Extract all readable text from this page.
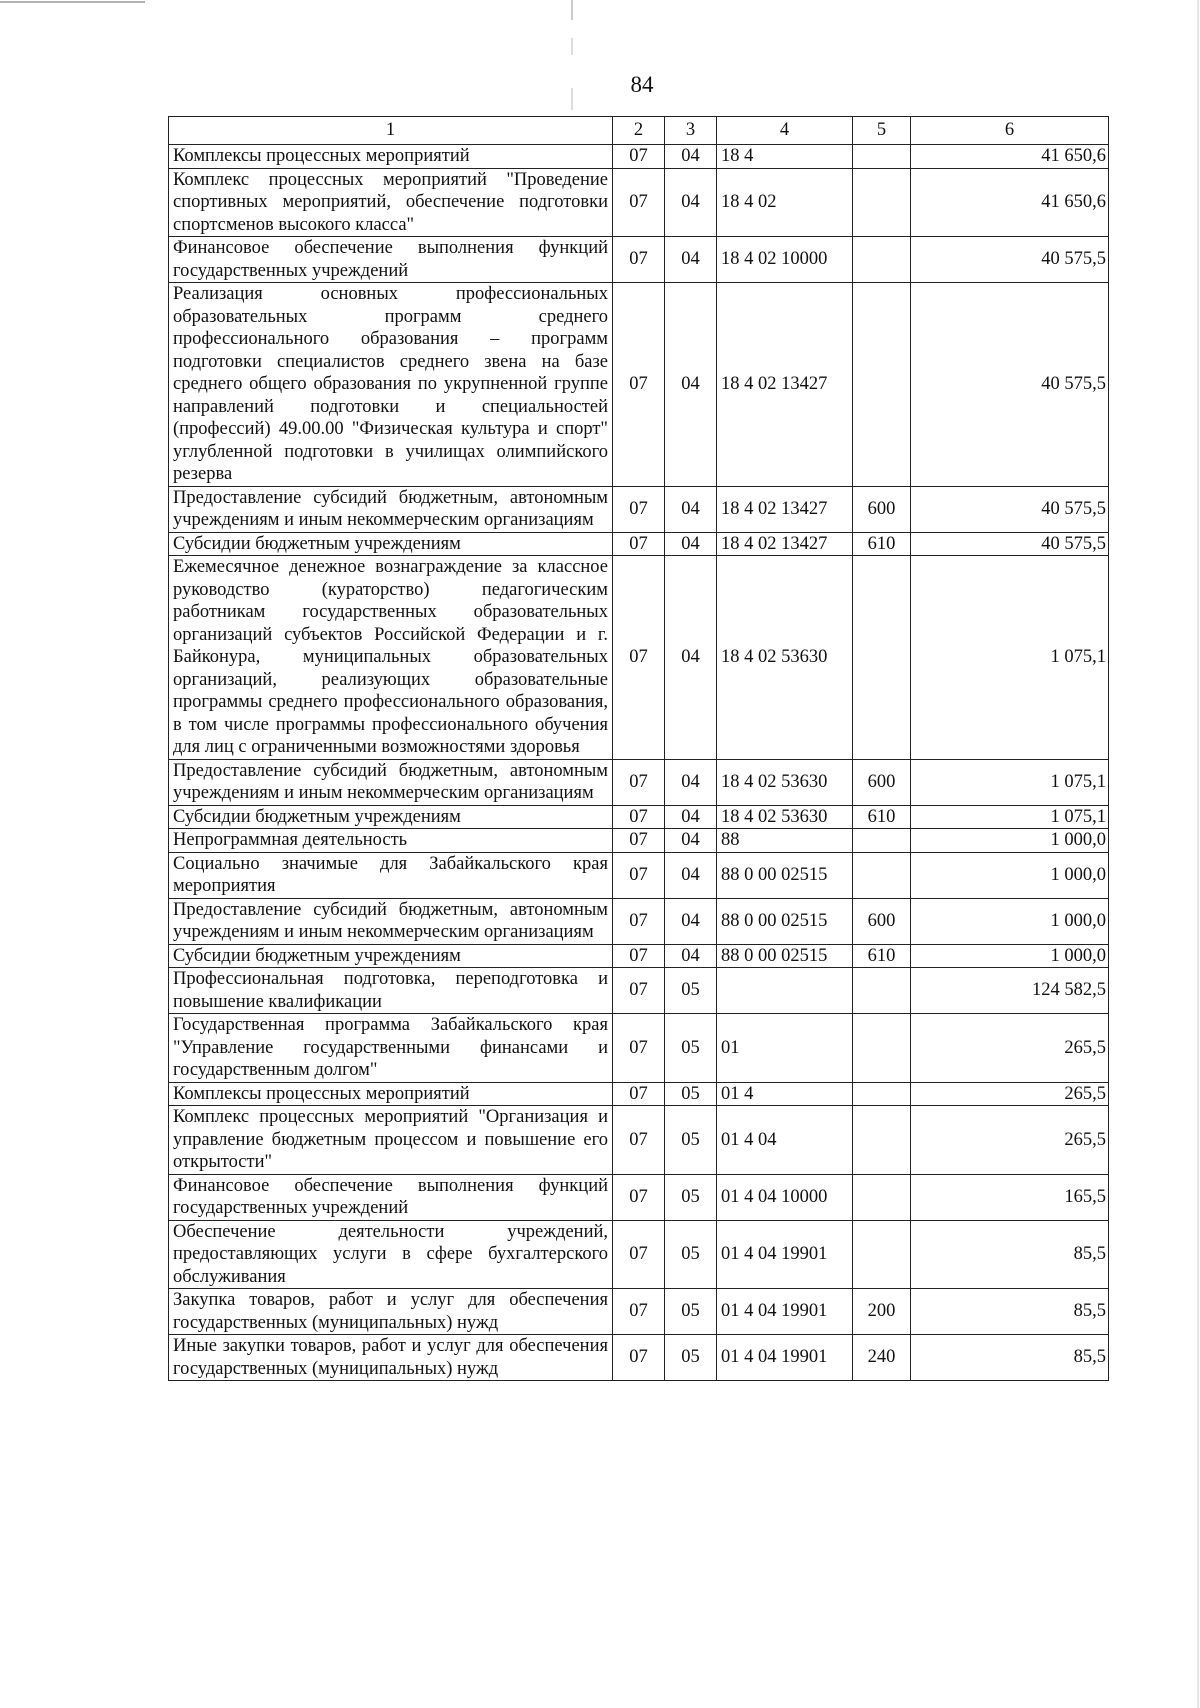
84
1	2	3	4	5	6
Комплексы процессных мероприятий	07	04	18 4		41 650,6
Комплекс процессных мероприятий "Проведение спортивных мероприятий, обеспечение подготовки спортсменов высокого класса"	07	04	18 4 02		41 650,6
Финансовое обеспечение выполнения функций государственных учреждений	07	04	18 4 02 10000		40 575,5
Реализация основных профессиональных образовательных программ среднего профессионального образования – программ подготовки специалистов среднего звена на базе среднего общего образования по укрупненной группе направлений подготовки и специальностей (профессий) 49.00.00 "Физическая культура и спорт" углубленной подготовки в училищах олимпийского резерва	07	04	18 4 02 13427		40 575,5
Предоставление субсидий бюджетным, автономным учреждениям и иным некоммерческим организациям	07	04	18 4 02 13427	600	40 575,5
Субсидии бюджетным учреждениям	07	04	18 4 02 13427	610	40 575,5
Ежемесячное денежное вознаграждение за классное руководство (кураторство) педагогическим работникам государственных образовательных организаций субъектов Российской Федерации и г. Байконура, муниципальных образовательных организаций, реализующих образовательные программы среднего профессионального образования, в том числе программы профессионального обучения для лиц с ограниченными возможностями здоровья	07	04	18 4 02 53630		1 075,1
Предоставление субсидий бюджетным, автономным учреждениям и иным некоммерческим организациям	07	04	18 4 02 53630	600	1 075,1
Субсидии бюджетным учреждениям	07	04	18 4 02 53630	610	1 075,1
Непрограммная деятельность	07	04	88		1 000,0
Социально значимые для Забайкальского края мероприятия	07	04	88 0 00 02515		1 000,0
Предоставление субсидий бюджетным, автономным учреждениям и иным некоммерческим организациям	07	04	88 0 00 02515	600	1 000,0
Субсидии бюджетным учреждениям	07	04	88 0 00 02515	610	1 000,0
Профессиональная подготовка, переподготовка и повышение квалификации	07	05			124 582,5
Государственная программа Забайкальского края "Управление государственными финансами и государственным долгом"	07	05	01		265,5
Комплексы процессных мероприятий	07	05	01 4		265,5
Комплекс процессных мероприятий "Организация и управление бюджетным процессом и повышение его открытости"	07	05	01 4 04		265,5
Финансовое обеспечение выполнения функций государственных учреждений	07	05	01 4 04 10000		165,5
Обеспечение деятельности учреждений, предоставляющих услуги в сфере бухгалтерского обслуживания	07	05	01 4 04 19901		85,5
Закупка товаров, работ и услуг для обеспечения государственных (муниципальных) нужд	07	05	01 4 04 19901	200	85,5
Иные закупки товаров, работ и услуг для обеспечения государственных (муниципальных) нужд	07	05	01 4 04 19901	240	85,5
